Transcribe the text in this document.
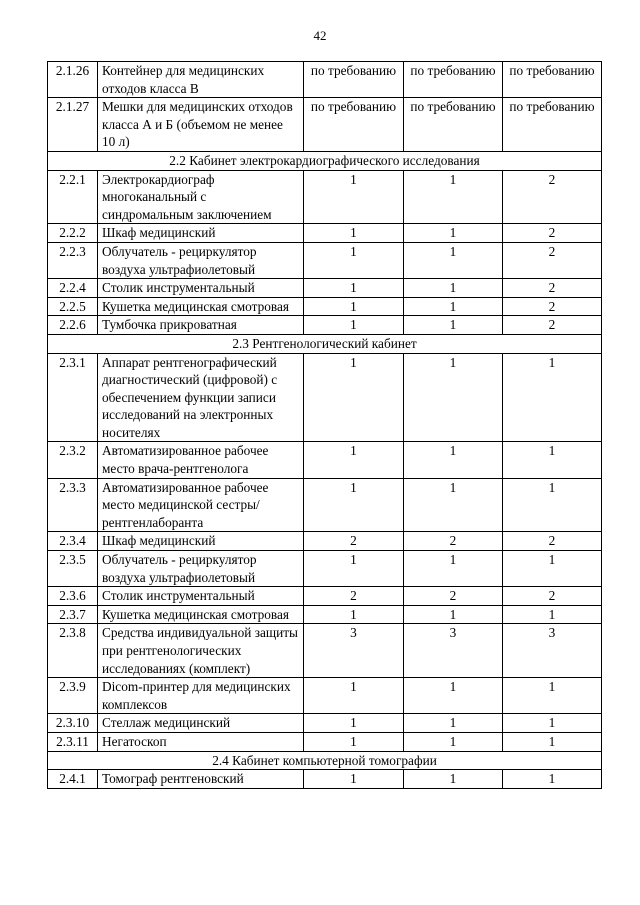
42
2.1.26	Контейнер для медицинских отходов класса В	по требованию	по требованию	по требованию
2.1.27	Мешки для медицинских отходов класса А и Б (объемом не менее 10 л)	по требованию	по требованию	по требованию
2.2 Кабинет электрокардиографического исследования				
2.2.1	Электрокардиограф многоканальный с синдромальным заключением	1	1	2
2.2.2	Шкаф медицинский	1	1	2
2.2.3	Облучатель - рециркулятор воздуха ультрафиолетовый	1	1	2
2.2.4	Столик инструментальный	1	1	2
2.2.5	Кушетка медицинская смотровая	1	1	2
2.2.6	Тумбочка прикроватная	1	1	2
2.3 Рентгенологический кабинет				
2.3.1	Аппарат рентгенографический диагностический (цифровой) с обеспечением функции записи исследований на электронных носителях	1	1	1
2.3.2	Автоматизированное рабочее место врача-рентгенолога	1	1	1
2.3.3	Автоматизированное рабочее место медицинской сестры/рентгенлаборанта	1	1	1
2.3.4	Шкаф медицинский	2	2	2
2.3.5	Облучатель - рециркулятор воздуха ультрафиолетовый	1	1	1
2.3.6	Столик инструментальный	2	2	2
2.3.7	Кушетка медицинская смотровая	1	1	1
2.3.8	Средства индивидуальной защиты при рентгенологических исследованиях (комплект)	3	3	3
2.3.9	Dicom-принтер для медицинских комплексов	1	1	1
2.3.10	Стеллаж медицинский	1	1	1
2.3.11	Негатоскоп	1	1	1
2.4 Кабинет компьютерной томографии				
2.4.1	Томограф рентгеновский	1	1	1
